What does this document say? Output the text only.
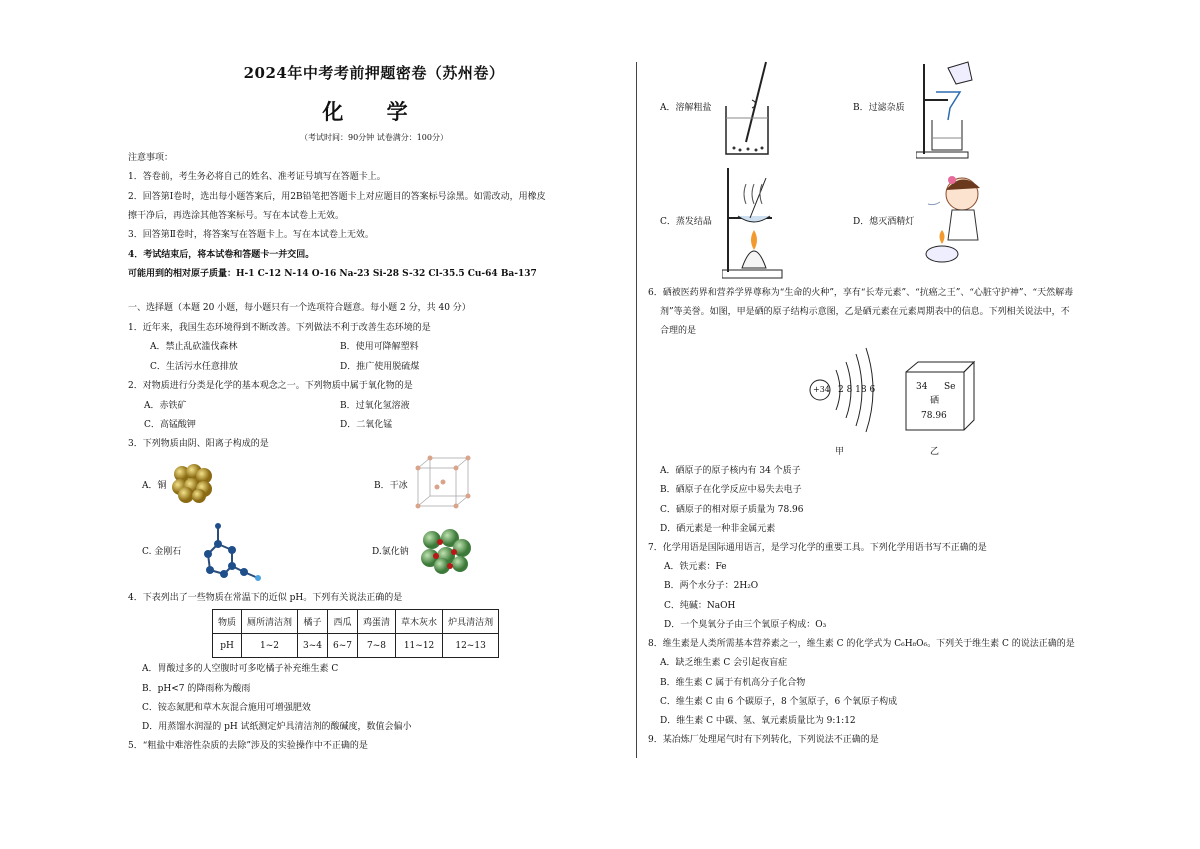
2024年中考考前押题密卷（苏州卷）
化 学
（考试时间：90分钟 试卷满分：100分）
注意事项：
1．答卷前，考生务必将自己的姓名、准考证号填写在答题卡上。
2．回答第Ⅰ卷时，选出每小题答案后，用2B铅笔把答题卡上对应题目的答案标号涂黑。如需改动，用橡皮
擦干净后，再选涂其他答案标号。写在本试卷上无效。
3．回答第Ⅱ卷时，将答案写在答题卡上。写在本试卷上无效。
4．考试结束后，将本试卷和答题卡一并交回。
可能用到的相对原子质量：H-1 C-12 N-14 O-16 Na-23 Si-28 S-32 Cl-35.5 Cu-64 Ba-137
一、选择题（本题 20 小题，每小题只有一个选项符合题意。每小题 2 分，共 40 分）
1．近年来，我国生态环境得到不断改善。下列做法不利于改善生态环境的是
A．禁止乱砍滥伐森林	B．使用可降解塑料
C．生活污水任意排放	D．推广使用脱硫煤
2．对物质进行分类是化学的基本观念之一。下列物质中属于氧化物的是
A．赤铁矿	B．过氧化氢溶液
C．高锰酸钾	D．二氧化锰
3．下列物质由阴、阳离子构成的是
A．铜	B．干冰
C. 金刚石	D.氯化钠
4．下表列出了一些物质在常温下的近似 pH。下列有关说法正确的是
物质	厕所清洁剂	橘子	西瓜	鸡蛋清	草木灰水	炉具清洁剂
pH	1~2	3~4	6~7	7~8	11~12	12~13
A．胃酸过多的人空腹时可多吃橘子补充维生素 C
B．pH<7 的降雨称为酸雨
C．铵态氮肥和草木灰混合施用可增强肥效
D．用蒸馏水润湿的 pH 试纸测定炉具清洁剂的酸碱度，数值会偏小
5．“粗盐中难溶性杂质的去除”涉及的实验操作中不正确的是
A．溶解粗盐	B．过滤杂质
C．蒸发结晶	D．熄灭酒精灯
6．硒被医药界和营养学界尊称为“生命的火种”，享有“长寿元素”、“抗癌之王”、“心脏守护神”、“天然解毒
剂”等美誉。如图，甲是硒的原子结构示意图，乙是硒元素在元素周期表中的信息。下列相关说法中，不
合理的是
+34 2 8 18 6
甲
34 Se
硒
78.96
乙
A．硒原子的原子核内有 34 个质子
B．硒原子在化学反应中易失去电子
C．硒原子的相对原子质量为 78.96
D．硒元素是一种非金属元素
7．化学用语是国际通用语言，是学习化学的重要工具。下列化学用语书写不正确的是
A．铁元素：Fe
B．两个水分子：2H₂O
C．纯碱：NaOH
D．一个臭氧分子由三个氧原子构成：O₃
8．维生素是人类所需基本营养素之一，维生素 C 的化学式为 C₆H₈O₆。下列关于维生素 C 的说法正确的是
A．缺乏维生素 C 会引起夜盲症
B．维生素 C 属于有机高分子化合物
C．维生素 C 由 6 个碳原子，8 个氢原子，6 个氧原子构成
D．维生素 C 中碳、氢、氧元素质量比为 9:1:12
9．某冶炼厂处理尾气时有下列转化，下列说法不正确的是
